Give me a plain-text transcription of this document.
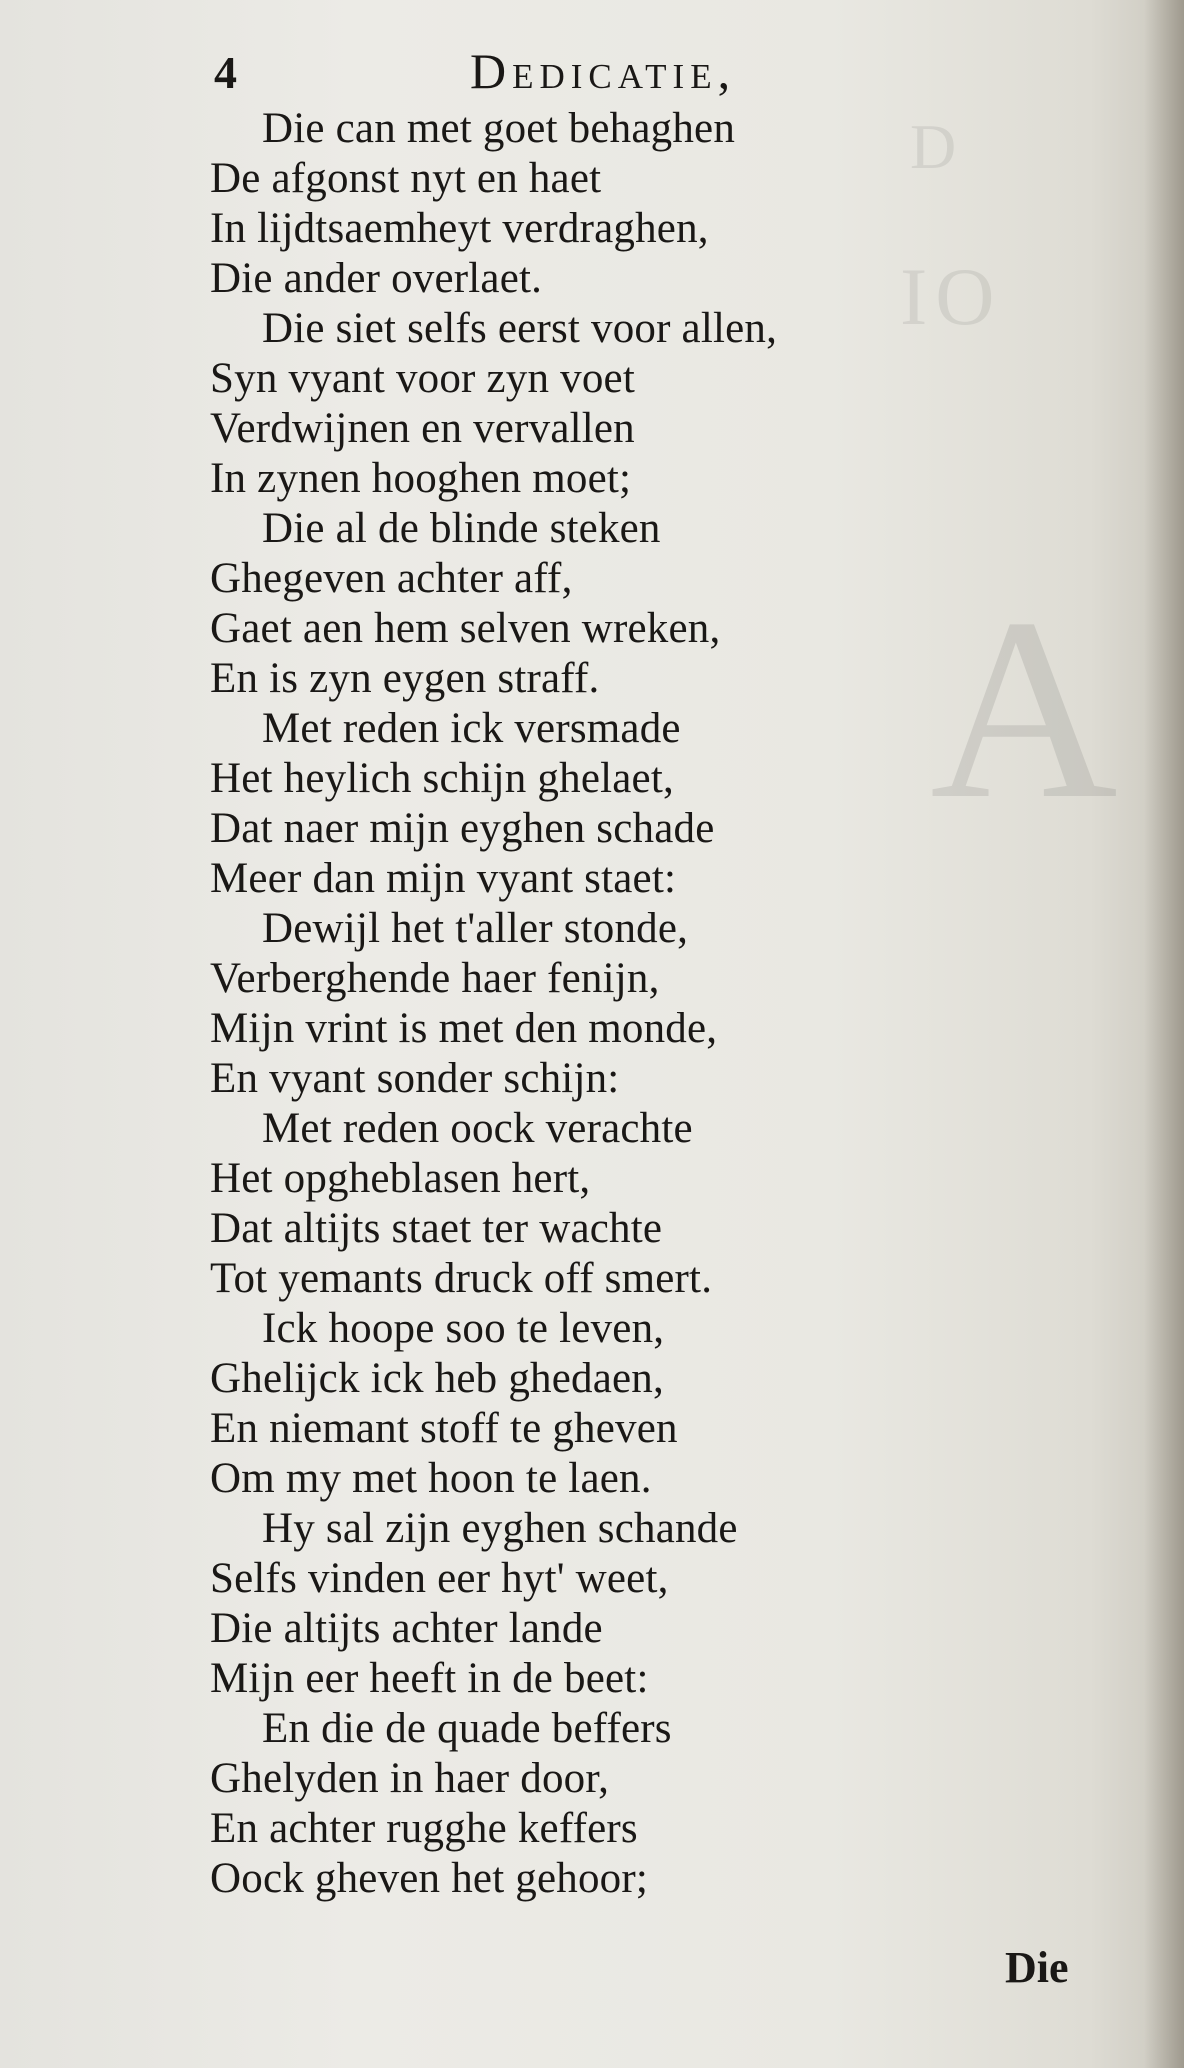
A
D
IO
4	Dedicatie,
Die can met goet behaghen
De afgonst nyt en haet
In lijdtsaemheyt verdraghen,
Die ander overlaet.
Die siet selfs eerst voor allen,
Syn vyant voor zyn voet
Verdwijnen en vervallen
In zynen hooghen moet;
Die al de blinde steken
Ghegeven achter aff,
Gaet aen hem selven wreken,
En is zyn eygen straff.
Met reden ick versmade
Het heylich schijn ghelaet,
Dat naer mijn eyghen schade
Meer dan mijn vyant staet:
Dewijl het t'aller stonde,
Verberghende haer fenijn,
Mijn vrint is met den monde,
En vyant sonder schijn:
Met reden oock verachte
Het opgheblasen hert,
Dat altijts staet ter wachte
Tot yemants druck off smert.
Ick hoope soo te leven,
Ghelijck ick heb ghedaen,
En niemant stoff te gheven
Om my met hoon te laen.
Hy sal zijn eyghen schande
Selfs vinden eer hyt' weet,
Die altijts achter lande
Mijn eer heeft in de beet:
En die de quade beffers
Ghelyden in haer door,
En achter rugghe keffers
Oock gheven het gehoor;
Die
